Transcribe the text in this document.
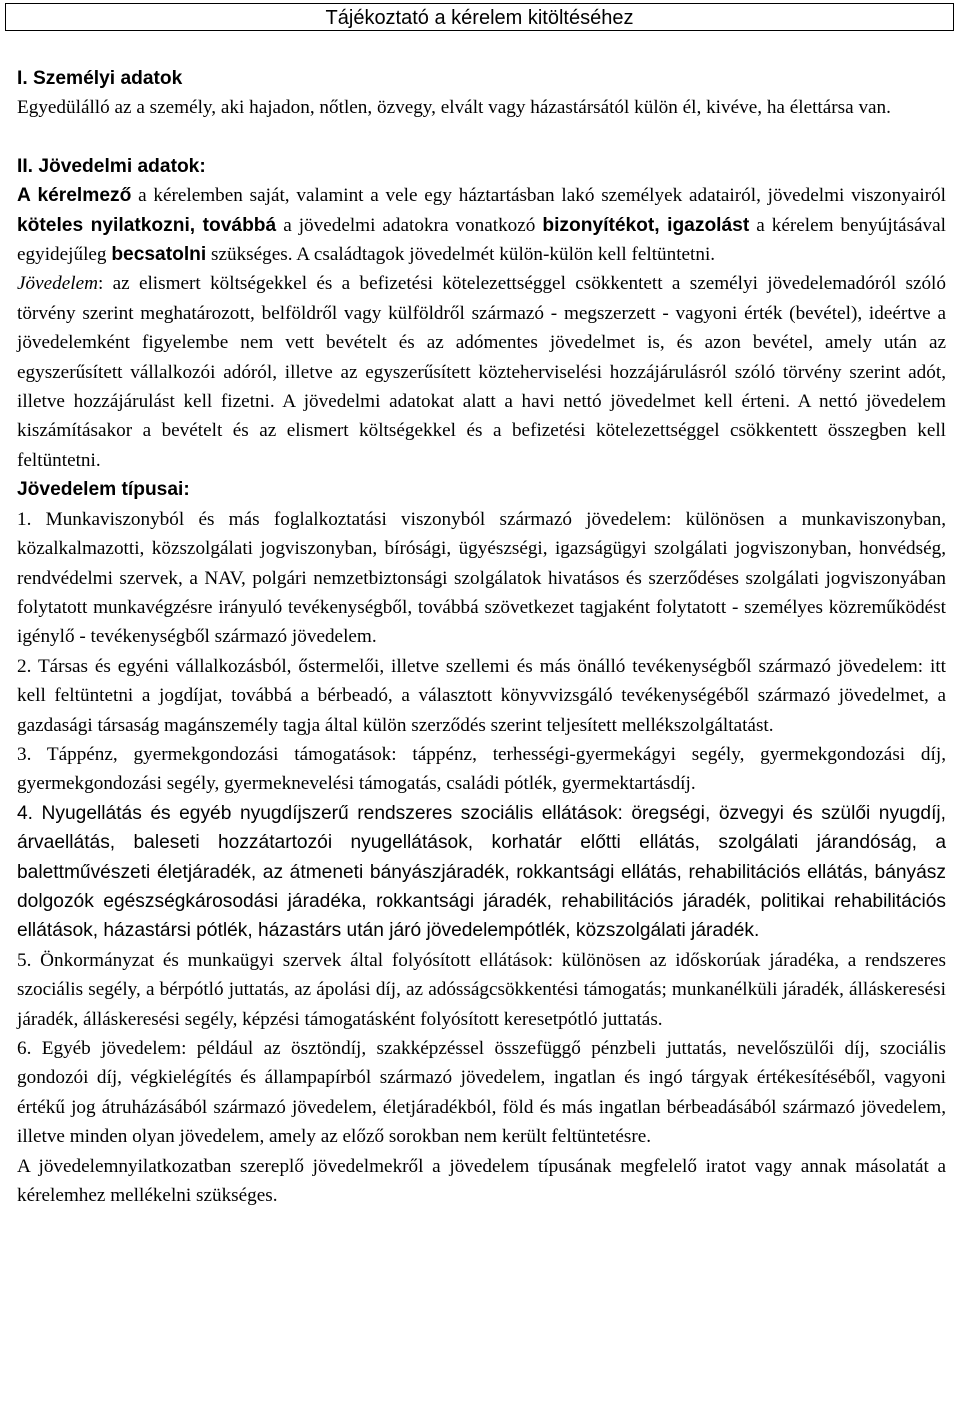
Tájékoztató a kérelem kitöltéséhez

I. Személyi adatok

Egyedülálló az a személy, aki hajadon, nőtlen, özvegy, elvált vagy házastársától külön él, kivéve, ha élettársa van.

II. Jövedelmi adatok:

A kérelmező a kérelemben saját, valamint a vele egy háztartásban lakó személyek adatairól, jövedelmi viszonyairól köteles nyilatkozni, továbbá a jövedelmi adatokra vonatkozó bizonyítékot, igazolást a kérelem benyújtásával egyidejűleg becsatolni szükséges. A családtagok jövedelmét külön-külön kell feltüntetni.

Jövedelem: az elismert költségekkel és a befizetési kötelezettséggel csökkentett a személyi jövedelemadóról szóló törvény szerint meghatározott, belföldről vagy külföldről származó - megszerzett - vagyoni érték (bevétel), ideértve a jövedelemként figyelembe nem vett bevételt és az adómentes jövedelmet is, és azon bevétel, amely után az egyszerűsített vállalkozói adóról, illetve az egyszerűsített közteherviselési hozzájárulásról szóló törvény szerint adót, illetve hozzájárulást kell fizetni. A jövedelmi adatokat alatt a havi nettó jövedelmet kell érteni. A nettó jövedelem kiszámításakor a bevételt és az elismert költségekkel és a befizetési kötelezettséggel csökkentett összegben kell feltüntetni.

Jövedelem típusai:

1. Munkaviszonyból és más foglalkoztatási viszonyból származó jövedelem: különösen a munkaviszonyban, közalkalmazotti, közszolgálati jogviszonyban, bírósági, ügyészségi, igazságügyi szolgálati jogviszonyban, honvédség, rendvédelmi szervek, a NAV, polgári nemzetbiztonsági szolgálatok hivatásos és szerződéses szolgálati jogviszonyában folytatott munkavégzésre irányuló tevékenységből, továbbá szövetkezet tagjaként folytatott - személyes közreműködést igénylő - tevékenységből származó jövedelem.

2. Társas és egyéni vállalkozásból, őstermelői, illetve szellemi és más önálló tevékenységből származó jövedelem: itt kell feltüntetni a jogdíjat, továbbá a bérbeadó, a választott könyvvizsgáló tevékenységéből származó jövedelmet, a gazdasági társaság magánszemély tagja által külön szerződés szerint teljesített mellékszolgáltatást.

3. Táppénz, gyermekgondozási támogatások: táppénz, terhességi-gyermekágyi segély, gyermekgondozási díj, gyermekgondozási segély, gyermeknevelési támogatás, családi pótlék, gyermektartásdíj.

4. Nyugellátás és egyéb nyugdíjszerű rendszeres szociális ellátások: öregségi, özvegyi és szülői nyugdíj, árvaellátás, baleseti hozzátartozói nyugellátások, korhatár előtti ellátás, szolgálati járandóság, a balettművészeti életjáradék, az átmeneti bányászjáradék, rokkantsági ellátás, rehabilitációs ellátás, bányász dolgozók egészségkárosodási járadéka, rokkantsági járadék, rehabilitációs járadék, politikai rehabilitációs ellátások, házastársi pótlék, házastárs után járó jövedelempótlék, közszolgálati járadék.

5. Önkormányzat és munkaügyi szervek által folyósított ellátások: különösen az időskorúak járadéka, a rendszeres szociális segély, a bérpótló juttatás, az ápolási díj, az adósságcsökkentési támogatás; munkanélküli járadék, álláskeresési járadék, álláskeresési segély, képzési támogatásként folyósított keresetpótló juttatás.

6. Egyéb jövedelem: például az ösztöndíj, szakképzéssel összefüggő pénzbeli juttatás, nevelőszülői díj, szociális gondozói díj, végkielégítés és állampapírból származó jövedelem, ingatlan és ingó tárgyak értékesítéséből, vagyoni értékű jog átruházásából származó jövedelem, életjáradékból, föld és más ingatlan bérbeadásából származó jövedelem, illetve minden olyan jövedelem, amely az előző sorokban nem került feltüntetésre.

A jövedelemnyilatkozatban szereplő jövedelmekről a jövedelem típusának megfelelő iratot vagy annak másolatát a kérelemhez mellékelni szükséges.
